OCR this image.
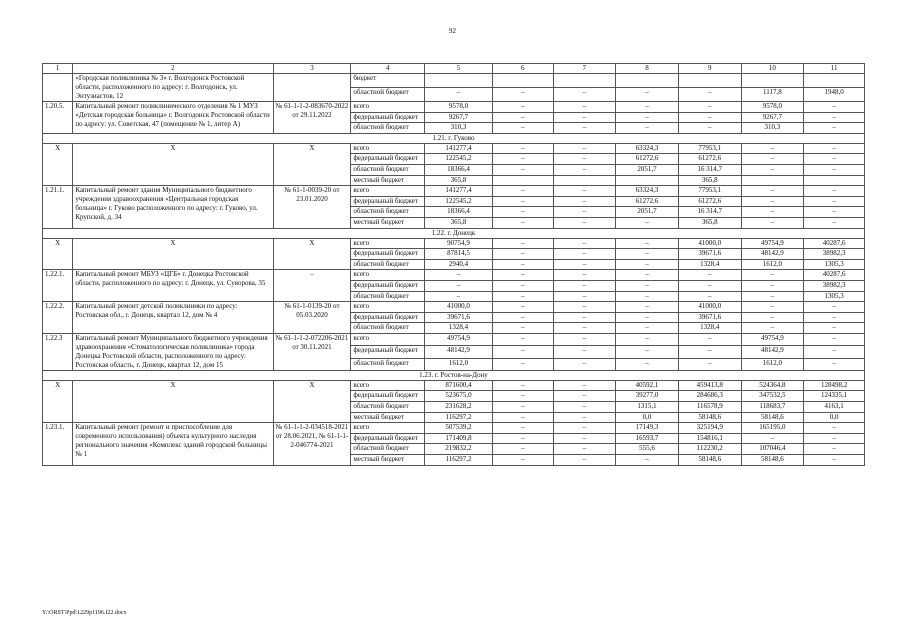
92
1	2	3	4	5	6	7	8	9	10	11
	«Городская поликлиника № 3» г. Волгодонск Ростовской области, расположенного по адресу: г. Волгодонск, ул. Энтузиастов, 12		бюджет							
			областной бюджет	–	–	–	–	–	1117,8	1948,0
1.20.5.	Капитальный ремонт поликлинического отделения № 1 МУЗ «Детская городская больница» г. Волгодонск Ростовской области по адресу: ул. Советская, 47 (помещение № 1, литер А)	№ 61-1-1-2-083670-2022 от 29.11.2022	всего	9578,0	–	–	–	–	9578,0	–
			федеральный бюджет	9267,7	–	–	–	–	9267,7	–
			областной бюджет	310,3	–	–	–	–	310,3	–
1.21. г. Гуково										
X	X	X	всего	141277,4	–	–	63324,3	77953,1	–	–
			федеральный бюджет	122545,2	–	–	61272,6	61272,6	–	–
			областной бюджет	18366,4	–	–	2051,7	16 314,7	–	–
			местный бюджет	365,8				365,8		
1.21.1.	Капитальный ремонт здания Муниципального бюджетного учреждения здравоохранения «Центральная городская больница» г. Гуково расположенного по адресу: г. Гуково, ул. Крупской, д. 34	№ 61-1-0039-20 от 23.01.2020	всего	141277,4	–	–	63324,3	77953,1	–	–
			федеральный бюджет	122545,2	–	–	61272,6	61272,6	–	–
			областной бюджет	18366,4	–	–	2051,7	16 314,7	–	–
			местный бюджет	365,8	–	–	–	365,8	–	–
1.22. г. Донецк										
X	X	X	всего	90754,9	–	–	–	41000,0	49754,9	40287,6
			федеральный бюджет	87814,5	–	–	–	39671,6	48142,9	38982,3
			областной бюджет	2940,4	–	–	–	1328,4	1612,0	1305,3
1.22.1.	Капитальный ремонт МБУЗ «ЦГБ» г. Донецка Ростовской области, расположенного по адресу: г. Донецк, ул. Суворова, 35	–	всего	–	–	–	–	–	–	40287,6
			федеральный бюджет	–	–	–	–	–	–	38982,3
			областной бюджет	–	–	–	–	–	–	1305,3
1.22.2.	Капитальный ремонт детской поликлиники по адресу: Ростовская обл., г. Донецк, квартал 12, дом № 4	№ 61-1-0139-20 от 05.03.2020	всего	41000,0	–	–	–	41000,0	–	–
			федеральный бюджет	39671,6	–	–	–	39671,6	–	–
			областной бюджет	1328,4	–	–	–	1328,4	–	–
1.22.3	Капитальный ремонт Муниципального бюджетного учреждения здравоохранения «Стоматологическая поликлиника» города Донецка Ростовской области, расположенного по адресу: Ростовская область, г. Донецк, квартал 12, дом 15	№ 61-1-1-2-072206-2021 от 30.11.2021	всего	49754,9	–	–	–	–	49754,9	–
			федеральный бюджет	48142,9	–	–	–	–	48142,9	–
			областной бюджет	1612,0	–	–	–	–	1612,0	–
1.23. г. Ростов-на-Дону										
X	X	X	всего	871600,4	–	–	40592,1	459413,8	524364,8	128498,2
			федеральный бюджет	523675,0	–	–	39277,0	284686,3	347532,5	124335,1
			областной бюджет	231628,2	–	–	1315,1	116578,9	118683,7	4163,1
			местный бюджет	116297,2	–	–	0,0	58148,6	58148,6	0,0
1.23.1.	Капитальный ремонт (ремонт и приспособление для современного использования) объекта культурного наследия регионального значения «Комплекс зданий городской больницы № 1	№ 61-1-1-2-034518-2021 от 28.06.2021, № 61-1-1-2-046774-2021	всего	507539,2	–	–	17149,3	325194,9	165195,0	–
			федеральный бюджет	171409,8	–	–	16593,7	154816,1	–	–
			областной бюджет	219832,2	–	–	555,6	112230,2	107046,4	–
			местный бюджет	116297,2	–	–	–	58148,6	58148,6	–
Y:\ORST\Ppd\1229p1196.f22.docx
